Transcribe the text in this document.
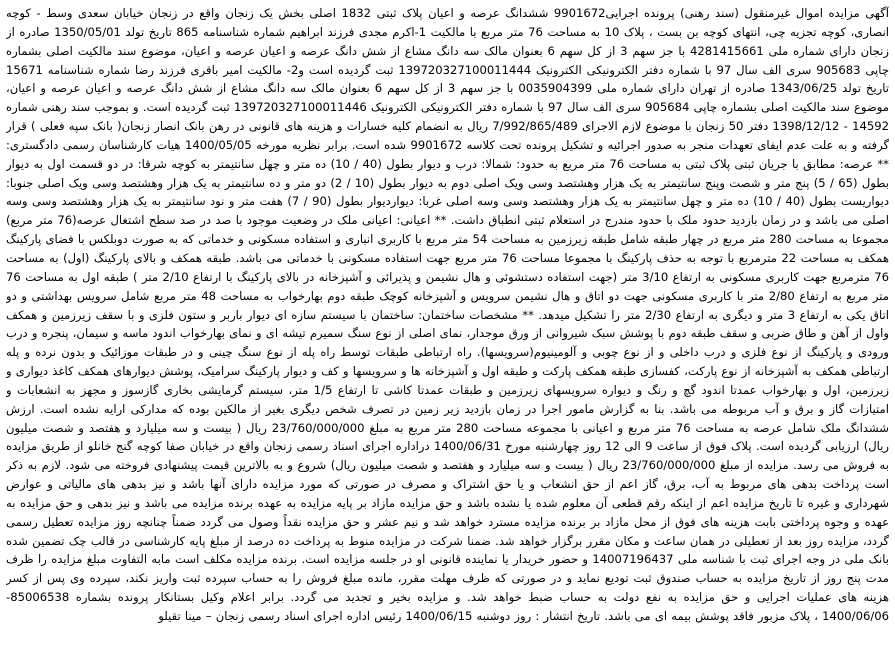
آگهی مزایده اموال غیرمنقول (سند رهنی) پرونده اجرایی9901672 ششدانگ عرصه و اعیان پلاک ثبتی 1832 اصلی بخش یک زنجان واقع در زنجان خیابان سعدی وسط - کوچه انصاری، کوچه تجزیه چی، انتهای کوچه بن بست ، پلاک 10 به مساحت 76 متر مربع با مالکیت 1-اکرم مجدی فرزند ابراهیم شماره شناسنامه 865 تاریخ تولد 1350/05/01 صادره از زنجان دارای شماره ملی 4281415661 با جز سهم 3 از کل سهم 6 بعنوان مالک سه دانگ مشاع از شش دانگ عرصه و اعیان عرصه و اعیان، موضوع سند مالکیت اصلی بشماره چاپی 905683 سری الف سال 97 با شماره دفتر الکترونیکی الکترونیک 139720327100011444 ثبت گردیده است و2- مالکیت امیر باقری فرزند رضا شماره شناسنامه 15671 تاریخ تولد 1343/06/25 صادره از تهران دارای شماره ملی 0035904399 با جز سهم 3 از کل سهم 6 بعنوان مالک سه دانگ مشاع از شش دانگ عرصه و اعیان عرصه و اعیان، موضوع سند مالکیت اصلی بشماره چاپی 905684 سری الف سال 97 با شماره دفتر الکترونیکی الکترونیک 139720327100011446 ثبت گردیده است. و بموجب سند رهنی شماره 14592 - 1398/12/12 دفتر 50 زنجان با موضوع لازم الاجرای 7/992/865/489 ریال به انضمام کلیه خسارات و هزینه های قانونی در رهن بانک انصار زنجان( بانک سپه فعلی ) قرار گرفته و به علت عدم ایفای تعهدات منجر به صدور اجرائیه و تشکیل پرونده تحت کلاسه 9901672 شده است. برابر نظریه مورخه 1400/05/05 هیات کارشناسان رسمی دادگستری: ** عرصه: مطابق با جریان ثبتی پلاک ثبتی به مساحت 76 متر مربع به حدود: شمالا: درب و دیوار بطول (40 / 10) ده متر و چهل سانتیمتر به کوچه شرقا: در دو قسمت اول به دیوار بطول (65 / 5) پنج متر و شصت وپنج سانتیمتر به یک هزار وهشتصد وسی ویک اصلی دوم به دیوار بطول (10 / 2) دو متر و ده سانتیمتر به یک هزار وهشتصد وسی ویک اصلی جنوبا: دیواریست بطول (40 / 10) ده متر و چهل سانتیمتر به یک هزار وهشتصد وسی وسه اصلی غربا: دیواردیوار بطول (90 / 7) هفت متر و نود سانتیمتر به یک هزار وهشتصد وسی وسه اصلی می باشد و در زمان بازدید حدود ملک با حدود مندرج در استعلام ثبتی انطباق داشت. ** اعیانی: اعیانی ملک در وضعیت موجود با صد در صد سطح اشتغال عرصه(76 متر مربع) مجموعا به مساحت 280 متر مربع در چهار طبقه شامل طبقه زیرزمین به مساحت 54 متر مربع با کاربری انباری و استفاده مسکونی و خدماتی که به صورت دوبلکس با فضای پارکینگ همکف به مساحت 22 مترمربع با توجه به حذف پارکینگ با مجموعا مساحت 76 متر مربع جهت استفاده مسکونی با خدماتی می باشد. طبقه همکف و بالای پارکینگ (اول) به مساحت 76 مترمربع جهت کاربری مسکونی به ارتفاع 3/10 متر (جهت استفاده دستشوئی و هال نشیمن و پذیرائی و آشپزخانه در بالای پارکینگ با ارتفاع 2/10 متر ) طبقه اول به مساحت 76 متر مربع به ارتفاع 2/80 متر با کاربری مسکونی جهت دو اتاق و هال نشیمن سرویس و آشپزخانه کوچک طبقه دوم بهارخواب به مساحت 48 متر مربع شامل سرویس بهداشتی و دو اتاق یکی به ارتفاع 3 متر و دیگری به ارتفاع 2/30 متر را تشکیل میدهد. ** مشخصات ساختمان: ساختمان با سیستم سازه ای دیوار باربر و ستون فلزی و با سقف زیرزمین و همکف واول از آهن و طاق ضربی و سقف طبقه دوم با پوشش سبک شیروانی از ورق موجدار، نمای اصلی از نوع سنگ سمیرم تیشه ای و نمای بهارخواب اندود ماسه و سیمان، پنجره و درب ورودی و پارکینگ از نوع فلزی و درب داخلی و از نوع چوبی و آلومینیوم(سرویسها). راه ارتباطی طبقات توسط راه پله از نوع سنگ چینی و در طبقات موزائیک و بدون نرده و پله ارتباطی همکف به آشپزخانه از نوع پارکت، کفسازی طبقه همکف پارکت و طبقه اول و آشپزخانه ها و سرویسها و کف و دیوار پارکینگ سرامیک، پوشش دیوارهای همکف کاغذ دیواری و زیرزمین، اول و بهارخواب عمدتا اندود گچ و رنگ و دیواره سرویسهای زیرزمین و طبقات عمدتا کاشی تا ارتفاع 1/5 متر، سیستم گرمایشی بخاری گازسوز و مجهز به انشعابات و امتیازات گاز و برق و آب مربوطه می باشد. بنا به گزارش مامور اجرا در زمان بازدید زیر زمین در تصرف شخص دیگری بغیر از مالکین بوده که مدارکی ارایه نشده است. ارزش ششدانگ ملک شامل عرصه به مساحت 76 متر مربع و اعیانی با مجموعه مساحت 280 متر مربع به مبلغ 23/760/000/000 ریال ( بیست و سه میلیارد و هفتصد و شصت میلیون ریال) ارزیابی گردیده است. پلاک فوق از ساعت 9 الی 12 روز چهارشنبه مورخ 1400/06/31 دراداره اجرای اسناد رسمی زنجان واقع در خیابان صفا کوچه گنج خانلو از طریق مزایده به فروش می رسد. مزایده از مبلغ 23/760/000/000 ریال ( بیست و سه میلیارد و هفتصد و شصت میلیون ریال) شروع و به بالاترین قیمت پیشنهادی فروخته می شود. لازم به ذکر است پرداخت بدهی های مربوط به آب، برق، گاز اعم از حق انشعاب و یا حق اشتراک و مصرف در صورتی که مورد مزایده دارای آنها باشد و نیز بدهی های مالیاتی و عوارض شهرداری و غیره تا تاریخ مزایده اعم از اینکه رقم قطعی آن معلوم شده یا نشده باشد و حق مزایده مازاد بر پایه مزایده به عهده برنده مزایده می باشد و نیز بدهی و حق مزایده به عهده و وجوه پرداختی بابت هزینه های فوق از محل مازاد بر برنده مزایده مسترد خواهد شد و نیم عشر و حق مزایده نقداً وصول می گردد ضمناً چنانچه روز مزایده تعطیل رسمی گردد، مزایده روز بعد از تعطیلی در همان ساعت و مکان مقرر برگزار خواهد شد. ضمنا شرکت در مزایده منوط به پرداخت ده درصد از مبلغ پایه کارشناسی در قالب چک تضمین شده بانک ملی در وجه اجرای ثبت با شناسه ملی 14007196437 و حضور خریدار یا نماینده قانونی او در جلسه مزایده است. برنده مزایده مکلف است مابه التفاوت مبلغ مزایده را ظرف مدت پنج روز از تاریخ مزایده به حساب صندوق ثبت تودیع نماید و در صورتی که ظرف مهلت مقرر، مانده مبلغ فروش را به حساب سپرده ثبت واریز نکند، سپرده وی پس از کسر هزینه های عملیات اجرایی و حق مزایده به نفع دولت به حساب ضبط خواهد شد. و مزایده بخیر و تجدید می گردد. برابر اعلام وکیل بستانکار پرونده بشماره 85006538- 1400/06/06 ، پلاک مزبور فاقد پوشش بیمه ای می باشد. تاریخ انتشار : روز دوشنبه 1400/06/15 رئیس اداره اجرای اسناد رسمی زنجان – مینا تقیلو
